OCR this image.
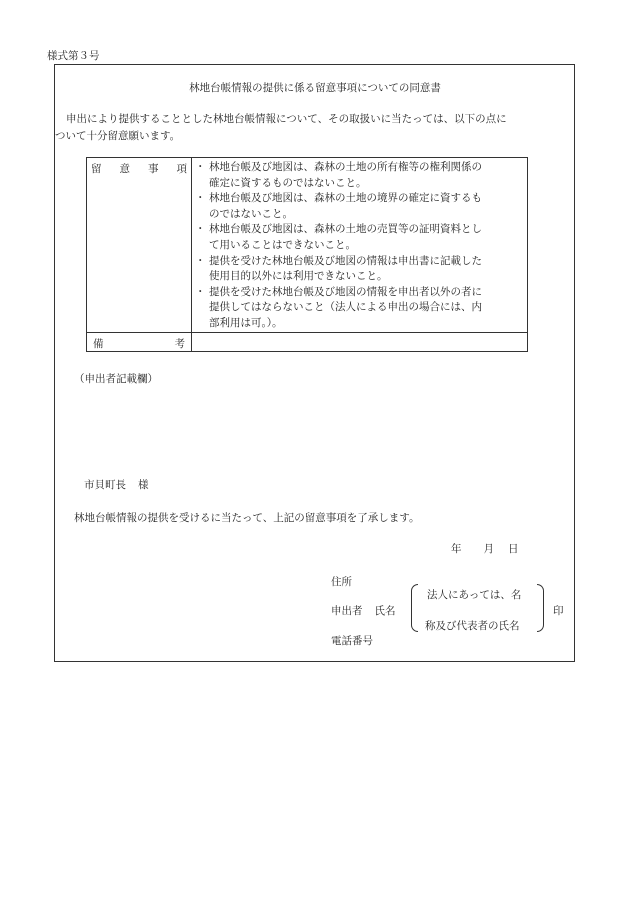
様式第３号
林地台帳情報の提供に係る留意事項についての同意書

申出により提供することとした林地台帳情報について、その取扱いに当たっては、以下の点に

ついて十分留意願います。

留 意 事 項
・ 林地台帳及び地図は、森林の土地の所有権等の権利関係の
確定に資するものではないこと。
・ 林地台帳及び地図は、森林の土地の境界の確定に資するも
のではないこと。
・ 林地台帳及び地図は、森林の土地の売買等の証明資料とし
て用いることはできないこと。
・ 提供を受けた林地台帳及び地図の情報は申出書に記載した
使用目的以外には利用できないこと。
・ 提供を受けた林地台帳及び地図の情報を申出者以外の者に
提供してはならないこと（法人による申出の場合には、内
部利用は可。）。
備	考
（申出者記載欄）
市貝町長 様
林地台帳情報の提供を受けるに当たって、上記の留意事項を了承します。
年 月 日
住所
申出者 氏名
法人にあっては、名
称及び代表者の氏名
印
電話番号
